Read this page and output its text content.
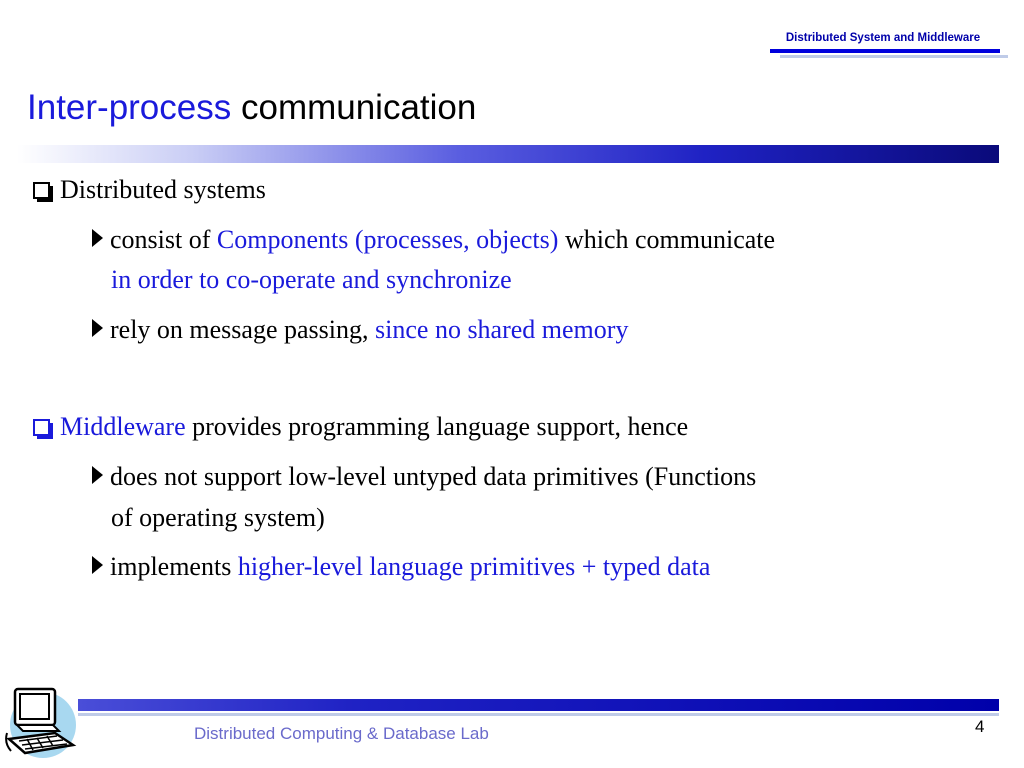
Distributed System and Middleware
Inter-process communication
Distributed systems
consist of Components (processes, objects) which communicate
in order to co-operate and synchronize
rely on message passing, since no shared memory
Middleware provides programming language support, hence
does not support low-level untyped data primitives (Functions
of operating system)
implements higher-level language primitives + typed data
Distributed Computing & Database Lab	4
